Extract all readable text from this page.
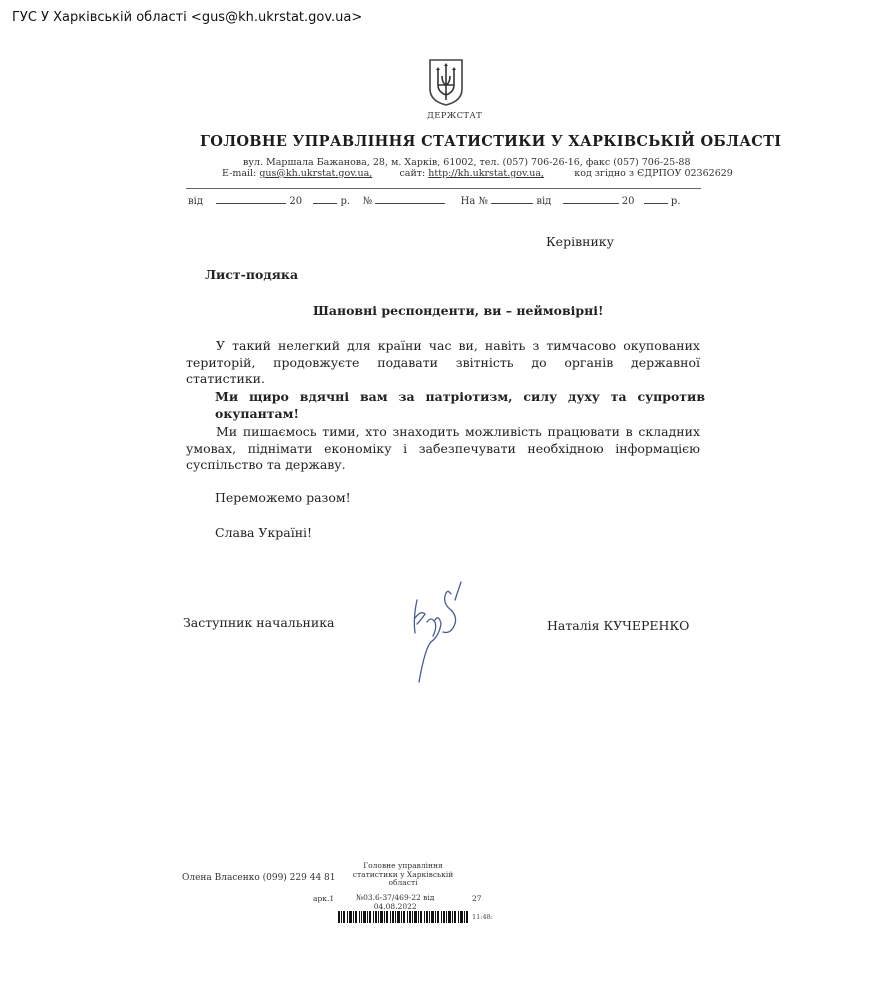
ГУС У Харківській області <gus@kh.ukrstat.gov.ua>
ДЕРЖСТАТ
ГОЛОВНЕ УПРАВЛІННЯ СТАТИСТИКИ У ХАРКІВСЬКІЙ ОБЛАСТІ
вул. Маршала Бажанова, 28, м. Харків, 61002, тел. (057) 706-26-16, факс (057) 706-25-88
E-mail: gus@kh.ukrstat.gov.ua,	сайт: http://kh.ukrstat.gov.ua,	код згідно з ЄДРПОУ 02362629
від	20	р. №	На №	від	20	р.
Керівнику
Лист-подяка
Шановні респонденти, ви – неймовірні!
У такий нелегкий для країни час ви, навіть з тимчасово окупованих територій, продовжуєте подавати звітність до органів державної статистики.
Ми щиро вдячні вам за патріотизм, силу духу та супротив окупантам!
Ми пишаємось тими, хто знаходить можливість працювати в складних умовах, піднімати економіку і забезпечувати необхідною інформацією суспільство та державу.
Переможемо разом!
Слава Україні!
Заступник начальника	Наталія КУЧЕРЕНКО
Олена Власенко (099) 229 44 81
Головне управління статистики у Харківській області
арк.1	№03.6-37/469-22 від
04.08.2022
27
11:48:
